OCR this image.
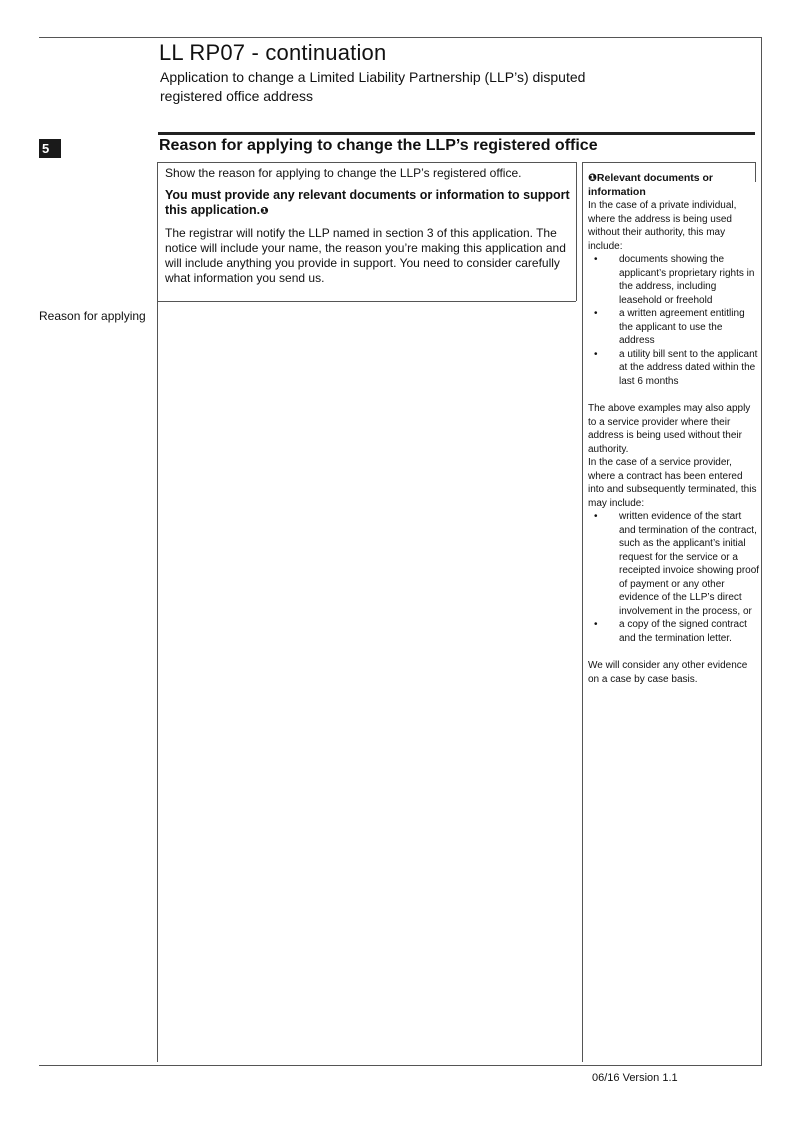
LL RP07 - continuation
Application to change a Limited Liability Partnership (LLP’s) disputed registered office address
5	Reason for applying to change the LLP’s registered office

Show the reason for applying to change the LLP’s registered office.

You must provide any relevant documents or information to support this application.❶

The registrar will notify the LLP named in section 3 of this application. The notice will include your name, the reason you’re making this application and will include anything you provide in support. You need to consider carefully what information you send us.

Reason for applying
❶Relevant documents or information
In the case of a private individual, where the address is being used without their authority, this may include:
• documents showing the applicant’s proprietary rights in the address, including leasehold or freehold
• a written agreement entitling the applicant to use the address
• a utility bill sent to the applicant at the address dated within the last 6 months
The above examples may also apply to a service provider where their address is being used without their authority.
In the case of a service provider, where a contract has been entered into and subsequently terminated, this may include:
• written evidence of the start and termination of the contract, such as the applicant’s initial request for the service or a receipted invoice showing proof of payment or any other evidence of the LLP’s direct involvement in the process, or
• a copy of the signed contract and the termination letter.
We will consider any other evidence on a case by case basis.
06/16 Version 1.1
